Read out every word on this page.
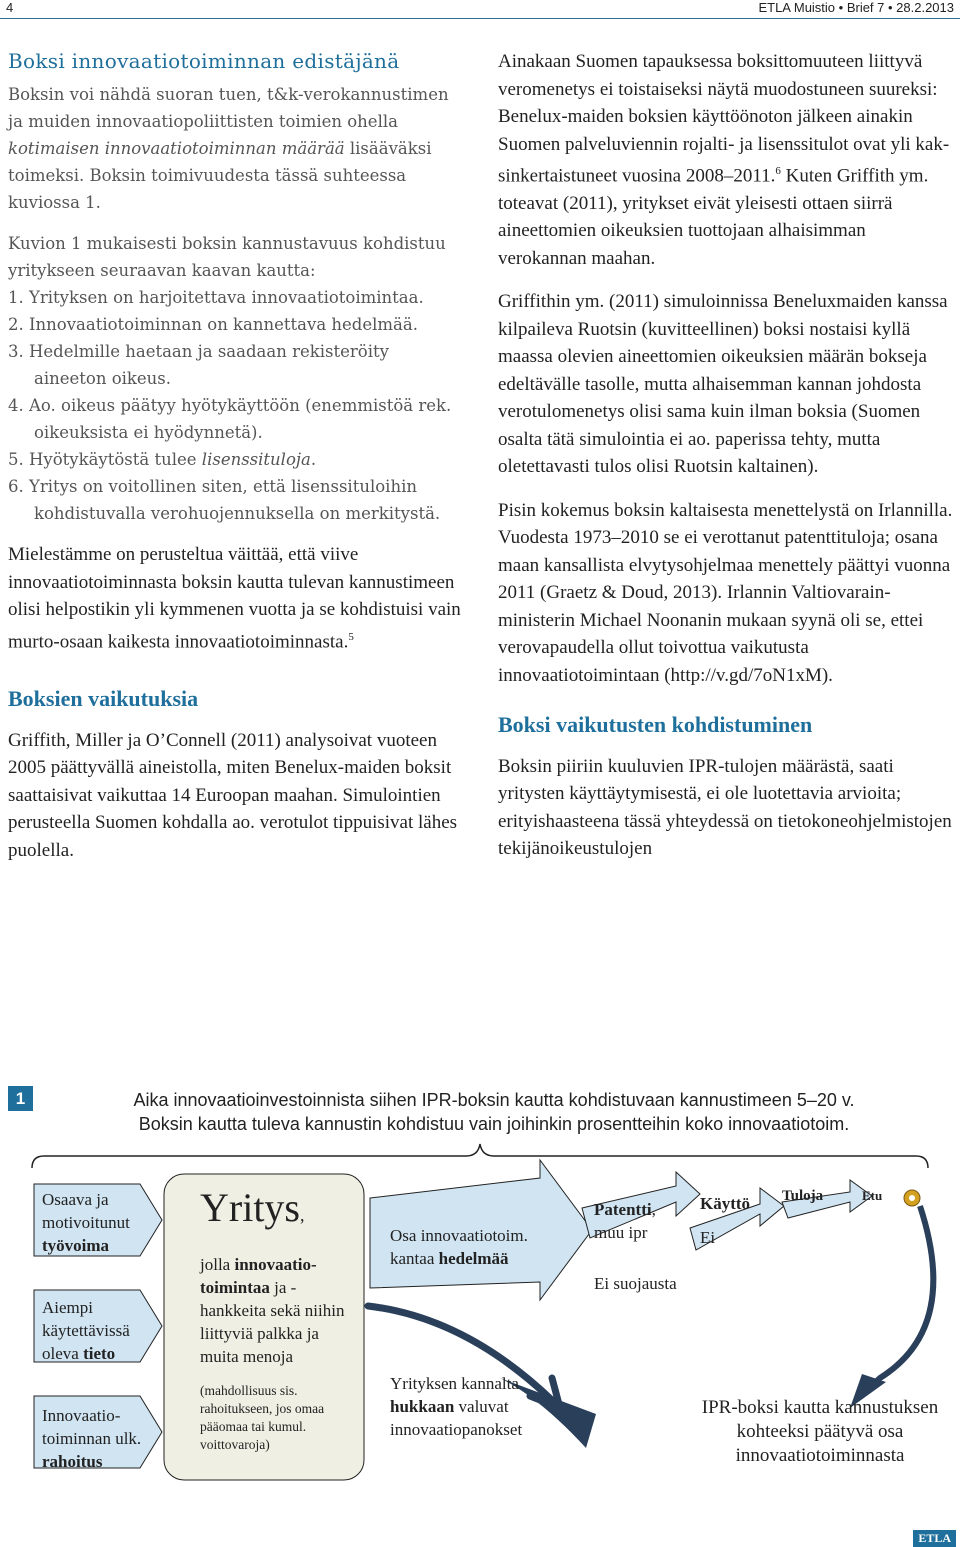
4	ETLA Muistio • Brief 7 • 28.2.2013
Boksi innovaatiotoiminnan edistäjänä

Boksin voi nähdä suoran tuen, t&k-verokannustimen ja muiden innovaatiopoliittisten toimien ohella kotimaisen innovaatiotoiminnan määrää lisääväksi toimeksi. Boksin toimivuudesta tässä suhteessa kuviossa 1.

Kuvion 1 mukaisesti boksin kannustavuus kohdistuu yritykseen seuraavan kaavan kautta:

1. Yrityksen on harjoitettava innovaatiotoimintaa.
2. Innovaatiotoiminnan on kannettava hedelmää.
3. Hedelmille haetaan ja saadaan rekisteröity aineeton oikeus.
4. Ao. oikeus päätyy hyötykäyttöön (enemmistöä rek. oikeuksista ei hyödynnetä).
5. Hyötykäytöstä tulee lisenssituloja.
6. Yritys on voitollinen siten, että lisenssituloihin kohdistuvalla verohuojennuksella on merkitystä.

Mielestämme on perusteltua väittää, että viive innovaatiotoiminnasta boksin kautta tulevan kannustimeen olisi helpostikin yli kymmenen vuotta ja se kohdistuisi vain murto-osaan kaikesta innovaatiotoiminnasta.$^5$

Boksien vaikutuksia

Griffith, Miller ja O’Connell (2011) analysoivat vuoteen 2005 päättyvällä aineistolla, miten Benelux-maiden boksit saattaisivat vaikuttaa 14 Euroopan maahan. Simulointien perusteella Suomen kohdalla ao. verotulot tippuisivat lähes puolella.

Ainakaan Suomen tapauksessa boksittomuuteen liittyvä veromenetys ei toistaiseksi näytä muodostuneen suureksi: Benelux-maiden boksien käyttöönoton jälkeen ainakin Suomen palveluviennin rojalti- ja lisenssitulot ovat yli kaksinkertaistuneet vuosina 2008–2011.$^6$ Kuten Griffith ym. toteavat (2011), yritykset eivät yleisesti ottaen siirrä aineettomien oikeuksien tuottojaan alhaisimman verokannan maahan.

Griffithin ym. (2011) simuloinnissa Beneluxmaiden kanssa kilpaileva Ruotsin (kuvitteellinen) boksi nostaisi kyllä maassa olevien aineettomien oikeuksien määrän bokseja edeltävälle tasolle, mutta alhaisemman kannan johdosta verotulomenetys olisi sama kuin ilman boksia (Suomen osalta tätä simulointia ei ao. paperissa tehty, mutta oletettavasti tulos olisi Ruotsin kaltainen).

Pisin kokemus boksin kaltaisesta menettelystä on Irlannilla. Vuodesta 1973–2010 se ei verottanut patenttituloja; osana maan kansallista elvytysohjelmaa menettely päättyi vuonna 2011 (Graetz & Doud, 2013). Irlannin Valtiovarainministerin Michael Noonanin mukaan syynä oli se, ettei verovapaudella ollut toivottua vaikutusta innovaatiotoimintaan (http://v.gd/7oN1xM).

Boksi vaikutusten kohdistuminen

Boksin piiriin kuuluvien IPR-tulojen määrästä, saati yritysten käyttäytymisestä, ei ole luotettavia arvioita; erityishaasteena tässä yhteydessä on tietokoneohjelmistojen tekijänoikeustulojen

1	Aika innovaatioinvestoinnista siihen IPR-boksin kautta kohdistuvaan kannustimeen 5–20 v.
Boksin kautta tuleva kannustin kohdistuu vain joihinkin prosentteihin koko innovaatiotoim.
Osaava ja motivoitunut työvoima
Aiempi käytettävissä oleva tieto
Innovaatiotoiminnan ulk. rahoitus
Yritys,
jolla innovaatiotoimintaa ja -hankkeita sekä niihin liittyviä palkka ja muita menoja
(mahdollisuus sis. rahoitukseen, jos omaa pääomaa tai kumul. voittovaroja)
Osa innovaatiotoim. kantaa hedelmää
Yrityksen kannalta hukkaan valuvat innovaatiopanokset
Patentti, muu ipr
Ei suojausta
Käyttö
Ei
Tuloja	Etu
IPR-boksi kautta kannustuksen kohteeksi päätyvä osa innovaatiotoiminnasta
ETLA
